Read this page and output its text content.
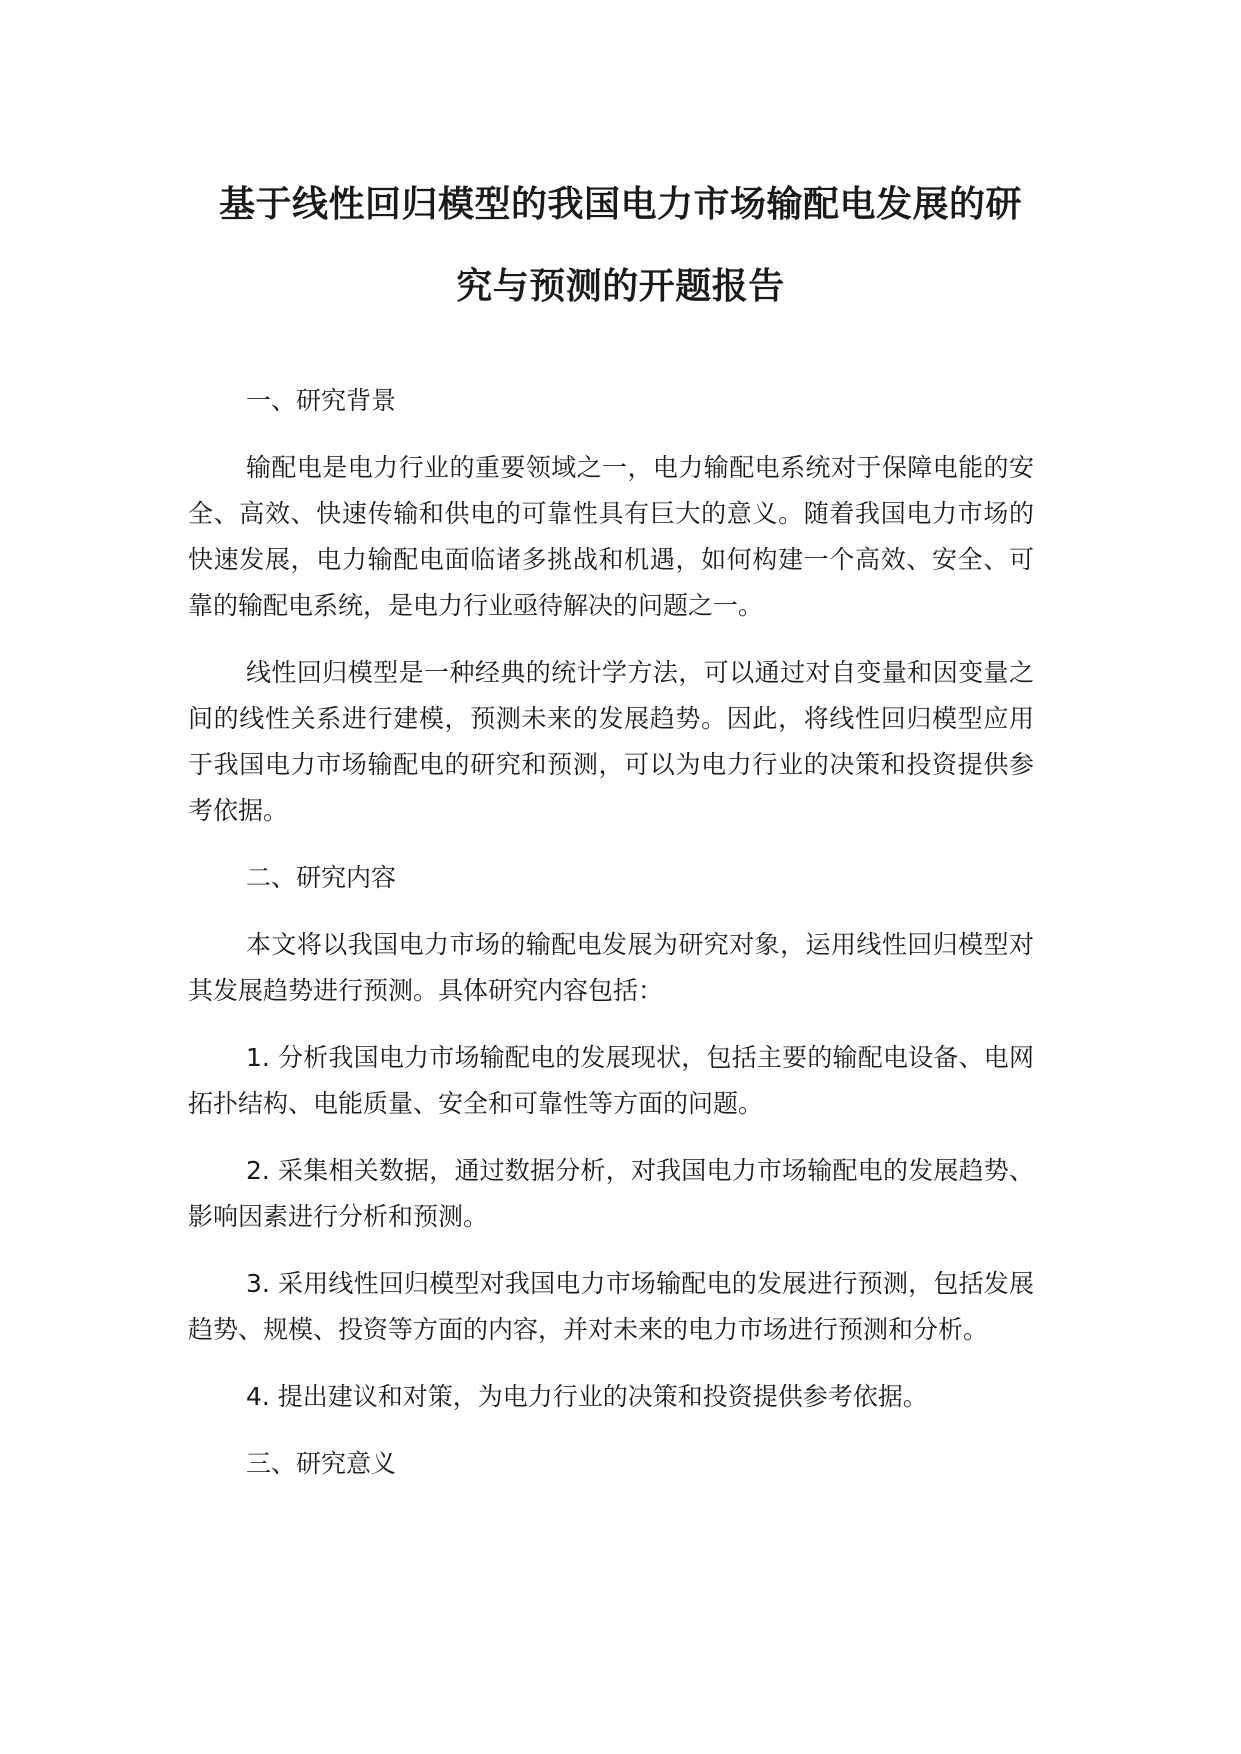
基于线性回归模型的我国电力市场输配电发展的研
究与预测的开题报告

一、研究背景

输配电是电力行业的重要领域之一，电力输配电系统对于保障电能的安全、高效、快速传输和供电的可靠性具有巨大的意义。随着我国电力市场的快速发展，电力输配电面临诸多挑战和机遇，如何构建一个高效、安全、可靠的输配电系统，是电力行业亟待解决的问题之一。

线性回归模型是一种经典的统计学方法，可以通过对自变量和因变量之间的线性关系进行建模，预测未来的发展趋势。因此，将线性回归模型应用于我国电力市场输配电的研究和预测，可以为电力行业的决策和投资提供参考依据。

二、研究内容

本文将以我国电力市场的输配电发展为研究对象，运用线性回归模型对其发展趋势进行预测。具体研究内容包括：

1. 分析我国电力市场输配电的发展现状，包括主要的输配电设备、电网拓扑结构、电能质量、安全和可靠性等方面的问题。

2. 采集相关数据，通过数据分析，对我国电力市场输配电的发展趋势、影响因素进行分析和预测。

3. 采用线性回归模型对我国电力市场输配电的发展进行预测，包括发展趋势、规模、投资等方面的内容，并对未来的电力市场进行预测和分析。

4. 提出建议和对策，为电力行业的决策和投资提供参考依据。

三、研究意义
